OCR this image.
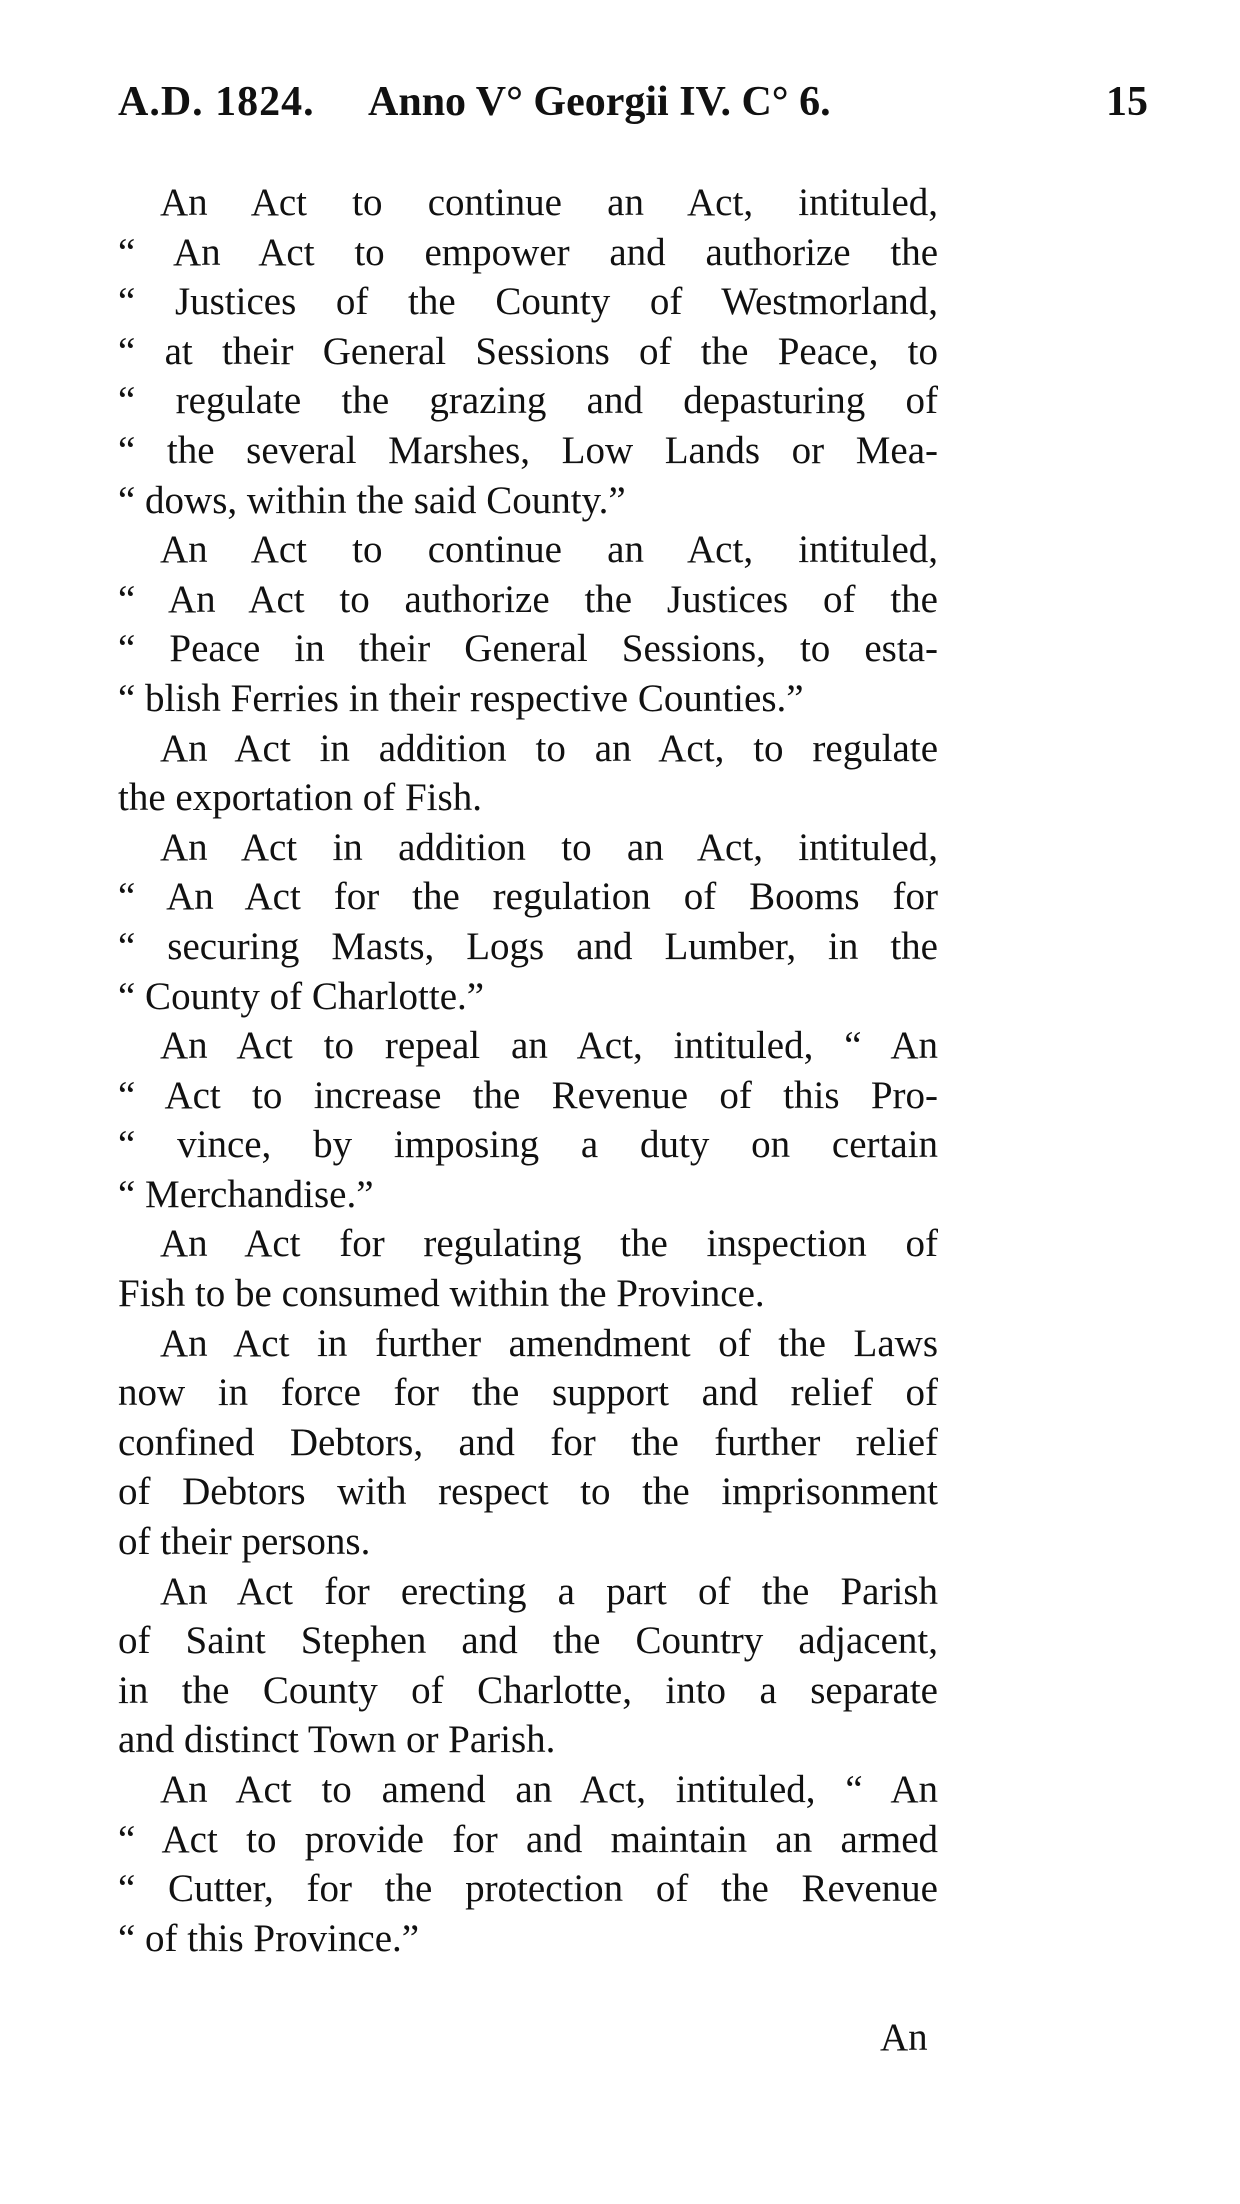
A.D. 1824. Anno V° Georgii IV. C° 6.	15
An Act to continue an Act, intituled,
“ An Act to empower and authorize the
“ Justices of the County of Westmorland,
“ at their General Sessions of the Peace, to
“ regulate the grazing and depasturing of
“ the several Marshes, Low Lands or Mea-
“ dows, within the said County.”
An Act to continue an Act, intituled,
“ An Act to authorize the Justices of the
“ Peace in their General Sessions, to esta-
“ blish Ferries in their respective Counties.”
An Act in addition to an Act, to regulate
the exportation of Fish.
An Act in addition to an Act, intituled,
“ An Act for the regulation of Booms for
“ securing Masts, Logs and Lumber, in the
“ County of Charlotte.”
An Act to repeal an Act, intituled, “ An
“ Act to increase the Revenue of this Pro-
“ vince, by imposing a duty on certain
“ Merchandise.”
An Act for regulating the inspection of
Fish to be consumed within the Province.
An Act in further amendment of the Laws
now in force for the support and relief of
confined Debtors, and for the further relief
of Debtors with respect to the imprisonment
of their persons.
An Act for erecting a part of the Parish
of Saint Stephen and the Country adjacent,
in the County of Charlotte, into a separate
and distinct Town or Parish.
An Act to amend an Act, intituled, “ An
“ Act to provide for and maintain an armed
“ Cutter, for the protection of the Revenue
“ of this Province.”
An
